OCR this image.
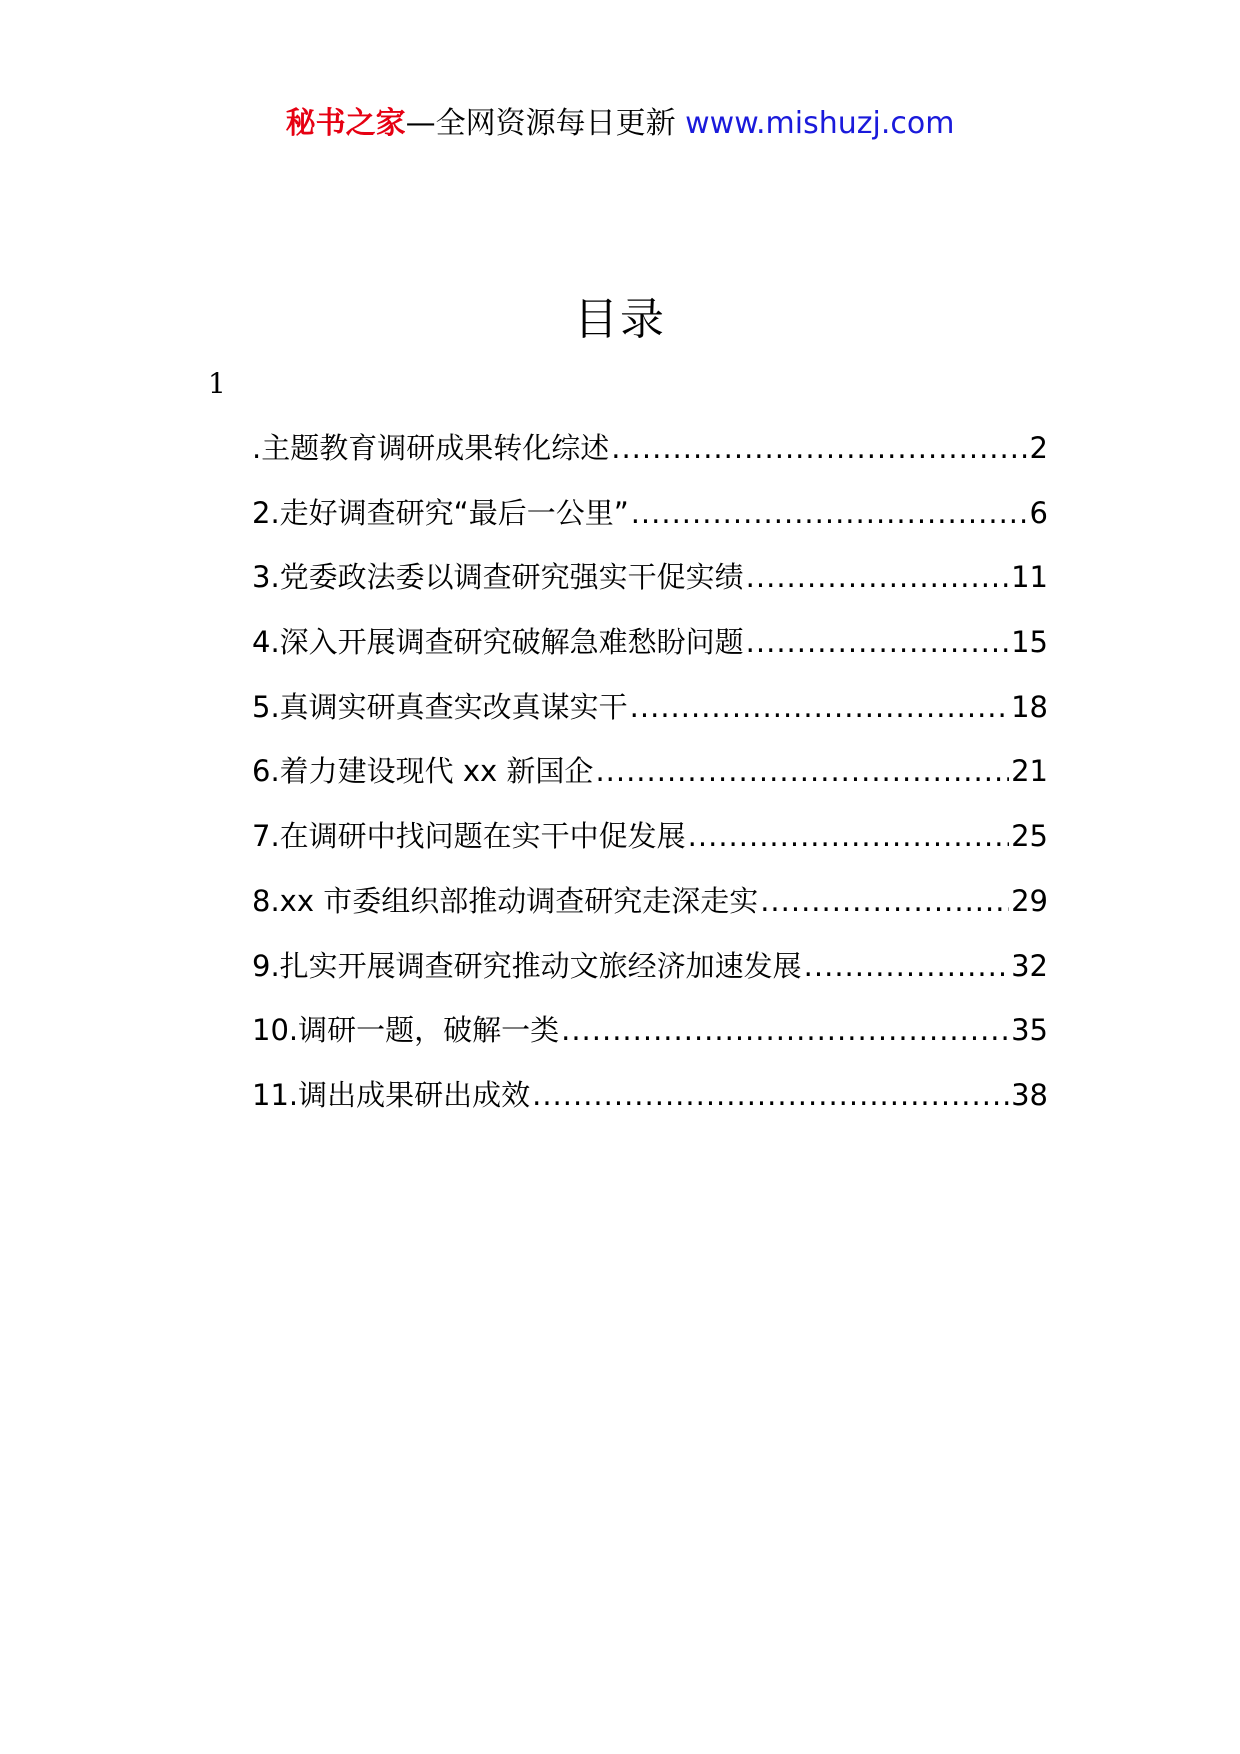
秘书之家—全网资源每日更新 www.mishuzj.com
目录
1
.主题教育调研成果转化综述 .....	2
2.走好调查研究“最后一公里” .....	6
3.党委政法委以调查研究强实干促实绩 .....	11
4.深入开展调查研究破解急难愁盼问题 .....	15
5.真调实研真查实改真谋实干 .....	18
6.着力建设现代 xx 新国企 .....	21
7.在调研中找问题在实干中促发展 .....	25
8.xx 市委组织部推动调查研究走深走实 .....	29
9.扎实开展调查研究推动文旅经济加速发展 .....	32
10.调研一题，破解一类 .....	35
11.调出成果研出成效 .....	38
